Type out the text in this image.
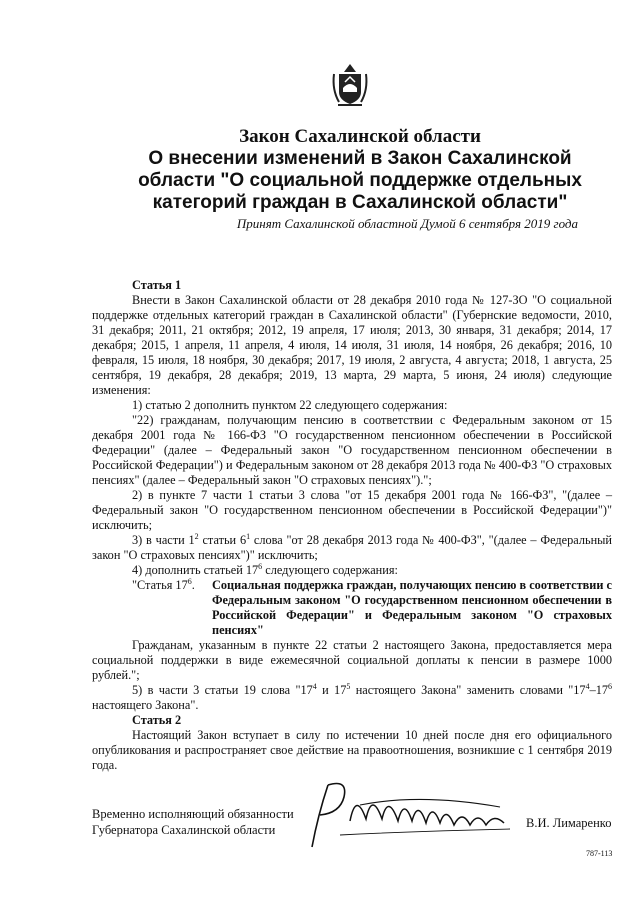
Закон Сахалинской области
О внесении изменений в Закон Сахалинской
области "О социальной поддержке отдельных
категорий граждан в Сахалинской области"
Принят Сахалинской областной Думой 6 сентября 2019 года

Статья 1

Внести в Закон Сахалинской области от 28 декабря 2010 года № 127-ЗО "О социальной поддержке отдельных категорий граждан в Сахалинской области" (Губернские ведомости, 2010, 31 декабря; 2011, 21 октября; 2012, 19 апреля, 17 июля; 2013, 30 января, 31 декабря; 2014, 17 декабря; 2015, 1 апреля, 11 апреля, 4 июля, 14 июля, 31 июля, 14 ноября, 26 декабря; 2016, 10 февраля, 15 июля, 18 ноября, 30 декабря; 2017, 19 июля, 2 августа, 4 августа; 2018, 1 августа, 25 сентября, 19 декабря, 28 декабря; 2019, 13 марта, 29 марта, 5 июня, 24 июля) следующие изменения:

1) статью 2 дополнить пунктом 22 следующего содержания:

"22) гражданам, получающим пенсию в соответствии с Федеральным законом от 15 декабря 2001 года № 166-ФЗ "О государственном пенсионном обеспечении в Российской Федерации" (далее – Федеральный закон "О государственном пенсионном обеспечении в Российской Федерации") и Федеральным законом от 28 декабря 2013 года № 400-ФЗ "О страховых пенсиях" (далее – Федеральный закон "О страховых пенсиях").";

2) в пункте 7 части 1 статьи 3 слова "от 15 декабря 2001 года № 166-ФЗ", "(далее – Федеральный закон "О государственном пенсионном обеспечении в Российской Федерации")" исключить;

3) в части $1^2$ статьи $6^1$ слова "от 28 декабря 2013 года № 400-ФЗ", "(далее – Федеральный закон "О страховых пенсиях")" исключить;

4) дополнить статьей $17^6$ следующего содержания:

"Статья $17^6$.	Социальная поддержка граждан, получающих пенсию в соответствии с Федеральным законом "О государственном пенсионном обеспечении в Российской Федерации" и Федеральным законом "О страховых пенсиях"

Гражданам, указанным в пункте 22 статьи 2 настоящего Закона, предоставляется мера социальной поддержки в виде ежемесячной социальной доплаты к пенсии в размере 1000 рублей.";

5) в части 3 статьи 19 слова "$17^4$ и $17^5$ настоящего Закона" заменить словами "$17^4-17^6$ настоящего Закона".

Статья 2

Настоящий Закон вступает в силу по истечении 10 дней после дня его официального опубликования и распространяет свое действие на правоотношения, возникшие с 1 сентября 2019 года.

Временно исполняющий обязанности
Губернатора Сахалинской области	В.И. Лимаренко
787-113
